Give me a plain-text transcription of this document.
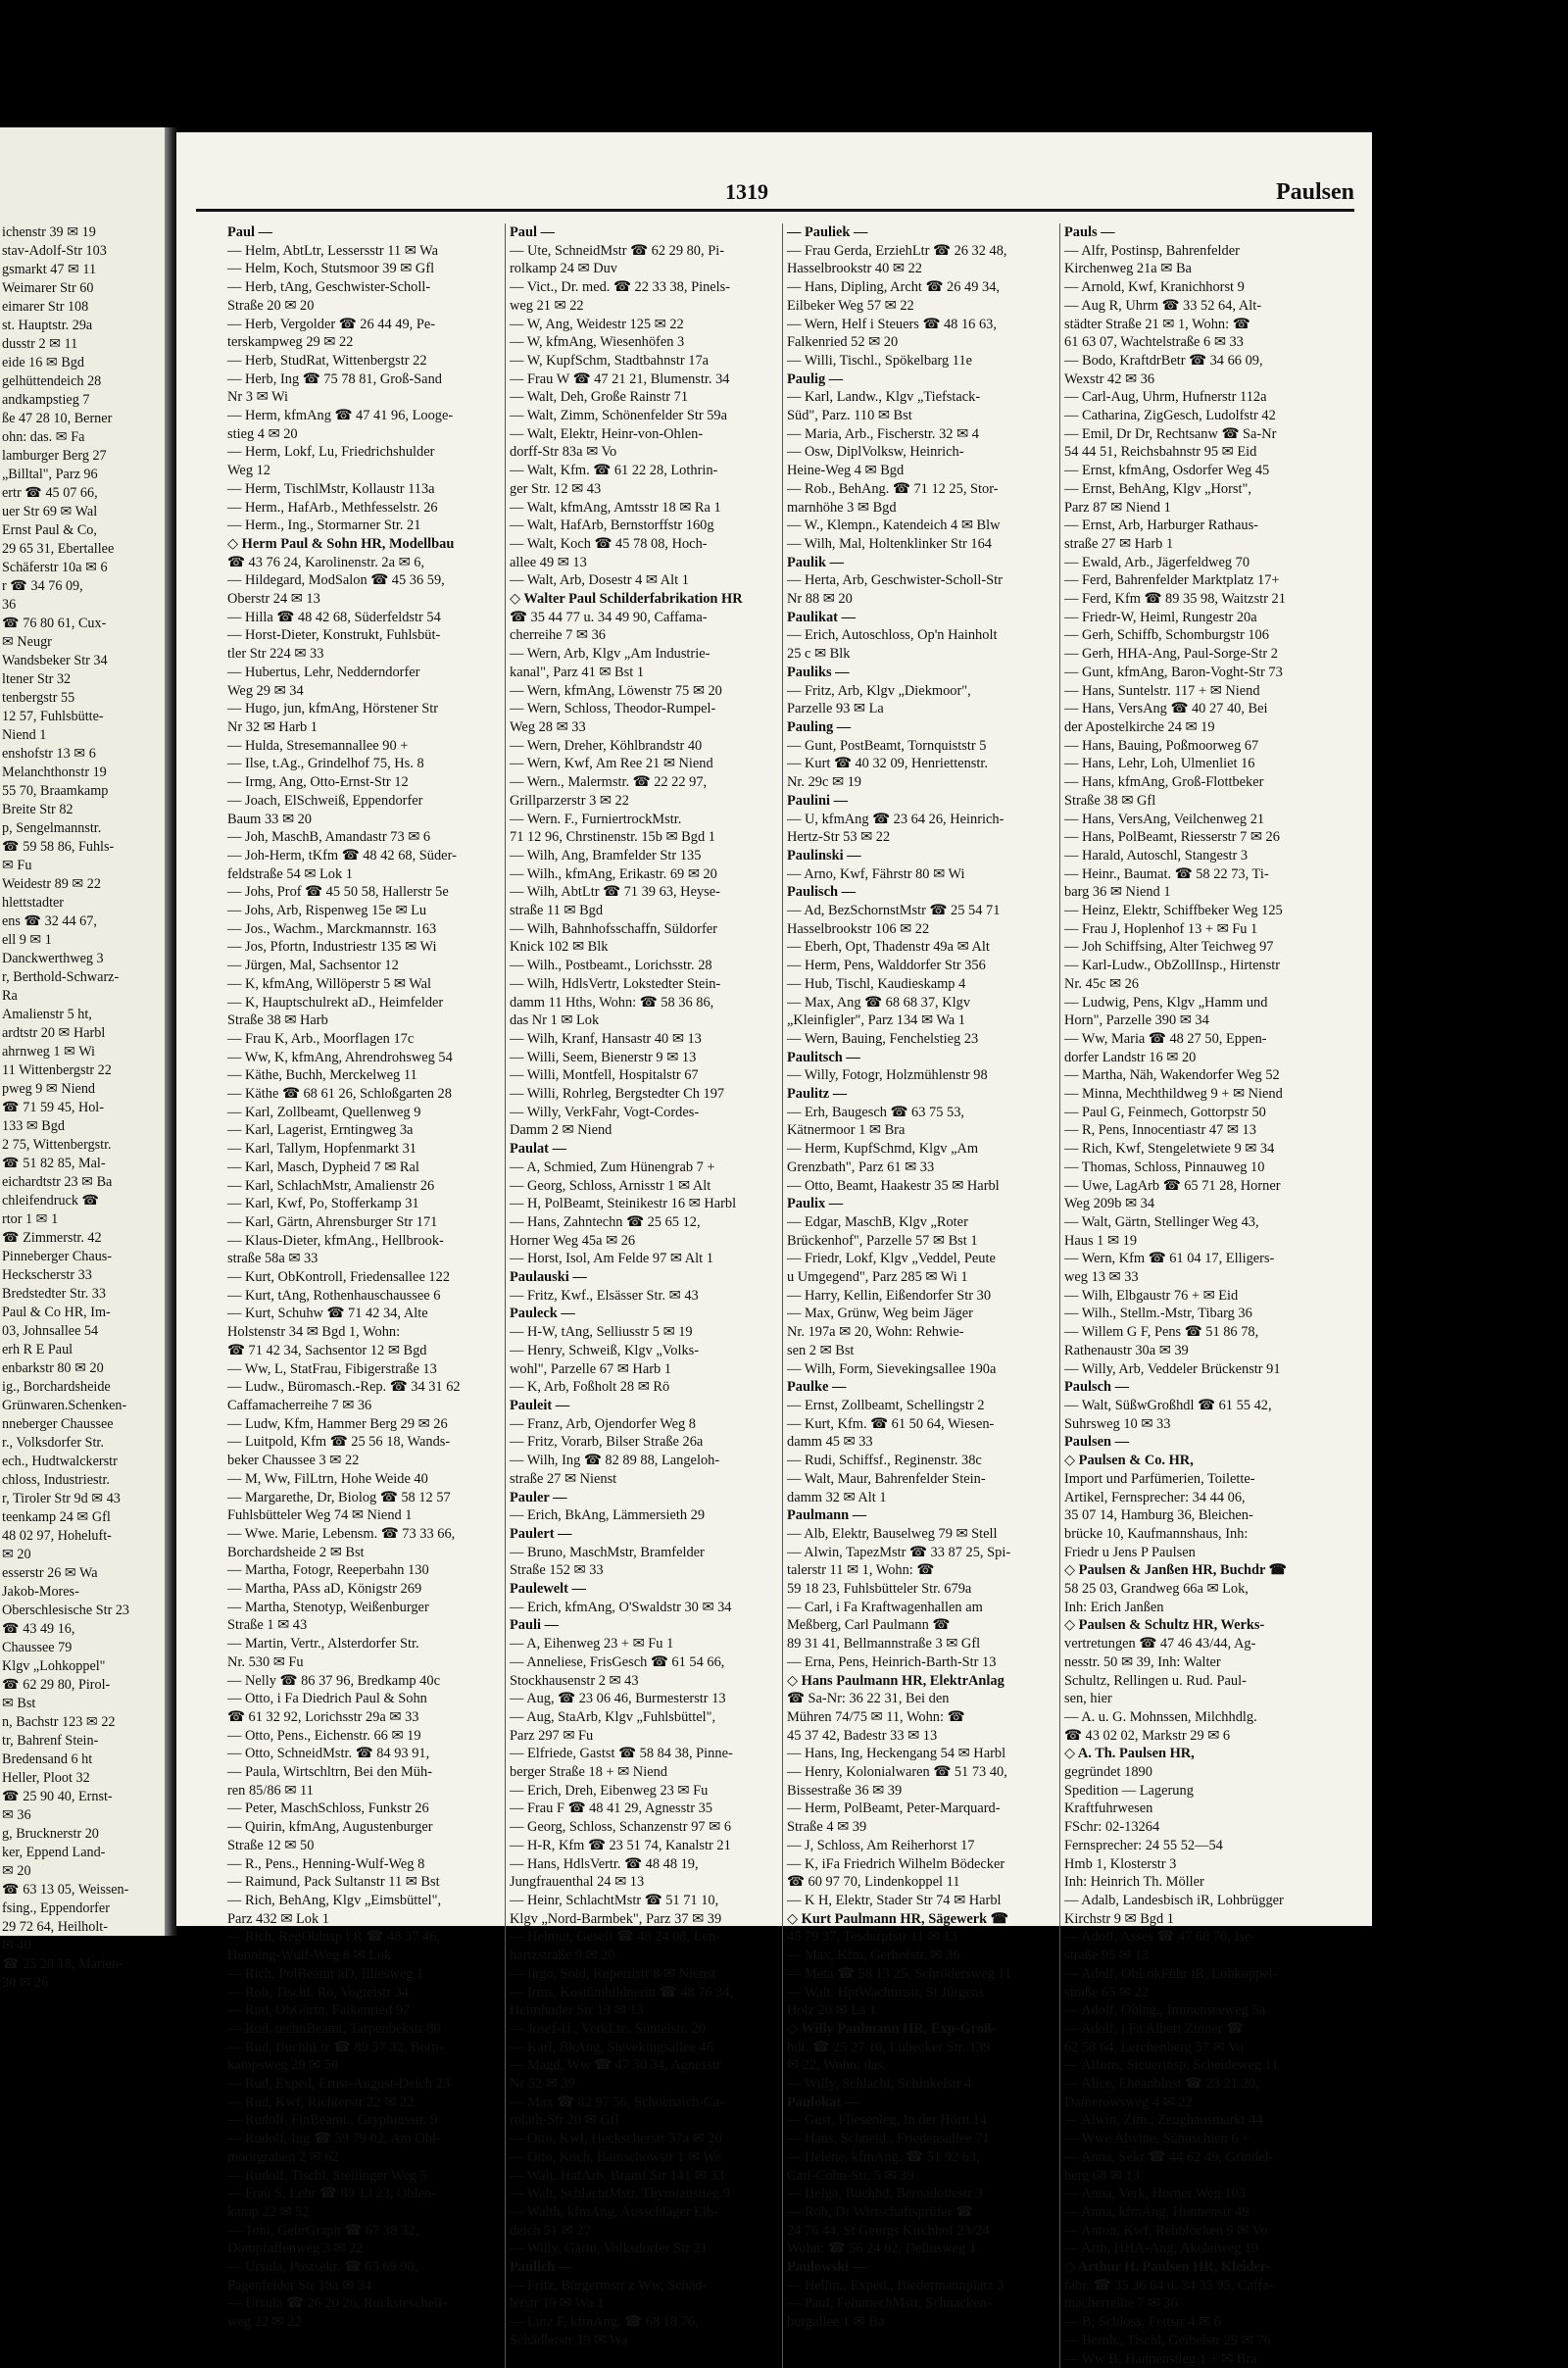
ichenstr 39 ✉ 19
stav-Adolf-Str 103
gsmarkt 47 ✉ 11
Weimarer Str 60
eimarer Str 108
st. Hauptstr. 29a
dusstr 2 ✉ 11
eide 16 ✉ Bgd
gelhüttendeich 28
andkampstieg 7
ße 47 28 10, Berner
ohn: das. ✉ Fa
lamburger Berg 27
„Billtal", Parz 96
ertr ☎ 45 07 66,
uer Str 69 ✉ Wal
Ernst Paul & Co,
29 65 31, Ebertallee
Schäferstr 10a ✉ 6
r ☎ 34 76 09,
36
☎ 76 80 61, Cux-
✉ Neugr
Wandsbeker Str 34
ltener Str 32
tenbergstr 55
12 57, Fuhlsbütte-
Niend 1
enshofstr 13 ✉ 6
Melanchthonstr 19
55 70, Braamkamp
Breite Str 82
p, Sengelmannstr.
☎ 59 58 86, Fuhls-
✉ Fu
Weidestr 89 ✉ 22
hlettstadter
ens ☎ 32 44 67,
ell 9 ✉ 1
Danckwerthweg 3
r, Berthold-Schwarz-
Ra
Amalienstr 5 ht,
ardtstr 20 ✉ Harbl
ahrnweg 1 ✉ Wi
11 Wittenbergstr 22
pweg 9 ✉ Niend
☎ 71 59 45, Hol-
133 ✉ Bgd
2 75, Wittenbergstr.
☎ 51 82 85, Mal-
eichardtstr 23 ✉ Ba
chleifendruck ☎
rtor 1 ✉ 1
☎ Zimmerstr. 42
Pinneberger Chaus-
Heckscherstr 33
Bredstedter Str. 33
Paul & Co HR, Im-
03, Johnsallee 54
erh R E Paul
enbarkstr 80 ✉ 20
ig., Borchardsheide
Grünwaren.Schenken-
nneberger Chaussee
r., Volksdorfer Str.
ech., Hudtwalckerstr
chloss, Industriestr.
r, Tiroler Str 9d ✉ 43
teenkamp 24 ✉ Gfl
48 02 97, Hoheluft-
✉ 20
esserstr 26 ✉ Wa
Jakob-Mores-
Oberschlesische Str 23
☎ 43 49 16,
Chaussee 79
Klgv „Lohkoppel"
☎ 62 29 80, Pirol-
✉ Bst
n, Bachstr 123 ✉ 22
tr, Bahrenf Stein-
Bredensand 6 ht
Heller, Ploot 32
☎ 25 90 40, Ernst-
✉ 36
g, Brucknerstr 20
ker, Eppend Land-
✉ 20
☎ 63 13 05, Weissen-
fsing., Eppendorfer
29 72 64, Heilholt-
✉ 40
☎ 25 28 18, Marien-
30 ✉ 26
1319	Paulsen
Paul —
— Helm, AbtLtr, Lessersstr 11 ✉ Wa
— Helm, Koch, Stutsmoor 39 ✉ Gfl
— Herb, tAng, Geschwister-Scholl-
Straße 20 ✉ 20
— Herb, Vergolder ☎ 26 44 49, Pe-
terskampweg 29 ✉ 22
— Herb, StudRat, Wittenbergstr 22
— Herb, Ing ☎ 75 78 81, Groß-Sand
Nr 3 ✉ Wi
— Herm, kfmAng ☎ 47 41 96, Looge-
stieg 4 ✉ 20
— Herm, Lokf, Lu, Friedrichshulder
Weg 12
— Herm, TischlMstr, Kollaustr 113a
— Herm., HafArb., Methfesselstr. 26
— Herm., Ing., Stormarner Str. 21
◇ Herm Paul & Sohn HR, Modellbau
☎ 43 76 24, Karolinenstr. 2a ✉ 6,
— Hildegard, ModSalon ☎ 45 36 59,
Oberstr 24 ✉ 13
— Hilla ☎ 48 42 68, Süderfeldstr 54
— Horst-Dieter, Konstrukt, Fuhlsbüt-
tler Str 224 ✉ 33
— Hubertus, Lehr, Nedderndorfer
Weg 29 ✉ 34
— Hugo, jun, kfmAng, Hörstener Str
Nr 32 ✉ Harb 1
— Hulda, Stresemannallee 90 +
— Ilse, t.Ag., Grindelhof 75, Hs. 8
— Irmg, Ang, Otto-Ernst-Str 12
— Joach, ElSchweiß, Eppendorfer
Baum 33 ✉ 20
— Joh, MaschB, Amandastr 73 ✉ 6
— Joh-Herm, tKfm ☎ 48 42 68, Süder-
feldstraße 54 ✉ Lok 1
— Johs, Prof ☎ 45 50 58, Hallerstr 5e
— Johs, Arb, Rispenweg 15e ✉ Lu
— Jos., Wachm., Marckmannstr. 163
— Jos, Pfortn, Industriestr 135 ✉ Wi
— Jürgen, Mal, Sachsentor 12
— K, kfmAng, Willöperstr 5 ✉ Wal
— K, Hauptschulrekt aD., Heimfelder
Straße 38 ✉ Harb
— Frau K, Arb., Moorflagen 17c
— Ww, K, kfmAng, Ahrendrohsweg 54
— Käthe, Buchh, Merckelweg 11
— Käthe ☎ 68 61 26, Schloßgarten 28
— Karl, Zollbeamt, Quellenweg 9
— Karl, Lagerist, Erntingweg 3a
— Karl, Tallym, Hopfenmarkt 31
— Karl, Masch, Dypheid 7 ✉ Ral
— Karl, SchlachMstr, Amalienstr 26
— Karl, Kwf, Po, Stofferkamp 31
— Karl, Gärtn, Ahrensburger Str 171
— Klaus-Dieter, kfmAng., Hellbrook-
straße 58a ✉ 33
— Kurt, ObKontroll, Friedensallee 122
— Kurt, tAng, Rothenhauschaussee 6
— Kurt, Schuhw ☎ 71 42 34, Alte
Holstenstr 34 ✉ Bgd 1, Wohn:
☎ 71 42 34, Sachsentor 12 ✉ Bgd
— Ww, L, StatFrau, Fibigerstraße 13
— Ludw., Büromasch.-Rep. ☎ 34 31 62
Caffamacherreihe 7 ✉ 36
— Ludw, Kfm, Hammer Berg 29 ✉ 26
— Luitpold, Kfm ☎ 25 56 18, Wands-
beker Chaussee 3 ✉ 22
— M, Ww, FilLtrn, Hohe Weide 40
— Margarethe, Dr, Biolog ☎ 58 12 57
Fuhlsbütteler Weg 74 ✉ Niend 1
— Wwe. Marie, Lebensm. ☎ 73 33 66,
Borchardsheide 2 ✉ Bst
— Martha, Fotogr, Reeperbahn 130
— Martha, PAss aD, Königstr 269
— Martha, Stenotyp, Weißenburger
Straße 1 ✉ 43
— Martin, Vertr., Alsterdorfer Str.
Nr. 530 ✉ Fu
— Nelly ☎ 86 37 96, Bredkamp 40c
— Otto, i Fa Diedrich Paul & Sohn
☎ 61 32 92, Lorichsstr 29a ✉ 33
— Otto, Pens., Eichenstr. 66 ✉ 19
— Otto, SchneidMstr. ☎ 84 93 91,
— Paula, Wirtschltrn, Bei den Müh-
ren 85/86 ✉ 11
— Peter, MaschSchloss, Funkstr 26
— Quirin, kfmAng, Augustenburger
Straße 12 ✉ 50
— R., Pens., Henning-Wulf-Weg 8
— Raimund, Pack Sultanstr 11 ✉ Bst
— Rich, BehAng, Klgv „Eimsbüttel",
Parz 432 ✉ Lok 1
— Rich, RegOblnsp i R ☎ 48 37 46,
Henning-Wulf-Weg 8 ✉ Lok
— Rich, PolBeamt aD, Illiesweg 1
— Rob, Tischl, Rö, Vogteistr 34
— Rud, ObGärtn, Falkenried 97
— Rud, technBeamt, Tarpenbekstr 80
— Rud, BuchhLtr ☎ 89 57 32, Born-
kampsweg 29 ✉ 50
— Rud, Exped, Ernst-August-Deich 23
— Rud, Kwf, Richterstr 22 ✉ 22
— Rudolf, FinBeamt., Gryphiusstr. 9
— Rudolf, Ing ☎ 59 79 02, Am Ohl-
moorgraben 2 ✉ 62
— Rudolf, Tischl, Stellinger Weg 5
— Frau S, Lehr ☎ 89 13 23, Ohlen-
kamp 22 ✉ 52
— Toni, GebrGraph ☎ 67 38 32,
Dompfaffenweg 3 ✉ 22
— Ursula, Postsekr. ☎ 65 69 90,
Pagenfelder Str 18a ✉ 34
— Ursula ☎ 26 20 26, Rucksteschell-
weg 22 ✉ 22
Paul —
— Ute, SchneidMstr ☎ 62 29 80, Pi-
rolkamp 24 ✉ Duv
— Vict., Dr. med. ☎ 22 33 38, Pinels-
weg 21 ✉ 22
— W, Ang, Weidestr 125 ✉ 22
— W, kfmAng, Wiesenhöfen 3
— W, KupfSchm, Stadtbahnstr 17a
— Frau W ☎ 47 21 21, Blumenstr. 34
— Walt, Deh, Große Rainstr 71
— Walt, Zimm, Schönenfelder Str 59a
— Walt, Elektr, Heinr-von-Ohlen-
dorff-Str 83a ✉ Vo
— Walt, Kfm. ☎ 61 22 28, Lothrin-
ger Str. 12 ✉ 43
— Walt, kfmAng, Amtsstr 18 ✉ Ra 1
— Walt, HafArb, Bernstorffstr 160g
— Walt, Koch ☎ 45 78 08, Hoch-
allee 49 ✉ 13
— Walt, Arb, Dosestr 4 ✉ Alt 1
◇ Walter Paul Schilderfabrikation HR
☎ 35 44 77 u. 34 49 90, Caffama-
cherreihe 7 ✉ 36
— Wern, Arb, Klgv „Am Industrie-
kanal", Parz 41 ✉ Bst 1
— Wern, kfmAng, Löwenstr 75 ✉ 20
— Wern, Schloss, Theodor-Rumpel-
Weg 28 ✉ 33
— Wern, Dreher, Köhlbrandstr 40
— Wern, Kwf, Am Ree 21 ✉ Niend
— Wern., Malermstr. ☎ 22 22 97,
Grillparzerstr 3 ✉ 22
— Wern. F., FurniertrockMstr.
71 12 96, Chrstinenstr. 15b ✉ Bgd 1
— Wilh, Ang, Bramfelder Str 135
— Wilh., kfmAng, Erikastr. 69 ✉ 20
— Wilh, AbtLtr ☎ 71 39 63, Heyse-
straße 11 ✉ Bgd
— Wilh, Bahnhofsschaffn, Süldorfer
Knick 102 ✉ Blk
— Wilh., Postbeamt., Lorichsstr. 28
— Wilh, HdlsVertr, Lokstedter Stein-
damm 11 Hths, Wohn: ☎ 58 36 86,
das Nr 1 ✉ Lok
— Wilh, Kranf, Hansastr 40 ✉ 13
— Willi, Seem, Bienerstr 9 ✉ 13
— Willi, Montfell, Hospitalstr 67
— Willi, Rohrleg, Bergstedter Ch 197
— Willy, VerkFahr, Vogt-Cordes-
Damm 2 ✉ Niend
Paulat —
— A, Schmied, Zum Hünengrab 7 +
— Georg, Schloss, Arnisstr 1 ✉ Alt
— H, PolBeamt, Steinikestr 16 ✉ Harbl
— Hans, Zahntechn ☎ 25 65 12,
Horner Weg 45a ✉ 26
— Horst, Isol, Am Felde 97 ✉ Alt 1
Paulauski —
— Fritz, Kwf., Elsässer Str. ✉ 43
Pauleck —
— H-W, tAng, Selliusstr 5 ✉ 19
— Henry, Schweiß, Klgv „Volks-
wohl", Parzelle 67 ✉ Harb 1
— K, Arb, Foßholt 28 ✉ Rö
Pauleit —
— Franz, Arb, Ojendorfer Weg 8
— Fritz, Vorarb, Bilser Straße 26a
— Wilh, Ing ☎ 82 89 88, Langeloh-
straße 27 ✉ Nienst
Pauler —
— Erich, BkAng, Lämmersieth 29
Paulert —
— Bruno, MaschMstr, Bramfelder
Straße 152 ✉ 33
Paulewelt —
— Erich, kfmAng, O'Swaldstr 30 ✉ 34
Pauli —
— A, Eihenweg 23 + ✉ Fu 1
— Anneliese, FrisGesch ☎ 61 54 66,
Stockhausenstr 2 ✉ 43
— Aug, ☎ 23 06 46, Burmesterstr 13
— Aug, StaArb, Klgv „Fuhlsbüttel",
Parz 297 ✉ Fu
— Elfriede, Gastst ☎ 58 84 38, Pinne-
berger Straße 18 + ✉ Niend
— Erich, Dreh, Eibenweg 23 ✉ Fu
— Frau F ☎ 48 41 29, Agnesstr 35
— Georg, Schloss, Schanzenstr 97 ✉ 6
— H-R, Kfm ☎ 23 51 74, Kanalstr 21
— Hans, HdlsVertr. ☎ 48 48 19,
Jungfrauenthal 24 ✉ 13
— Heinr, SchlachtMstr ☎ 51 71 10,
Klgv „Nord-Barmbek", Parz 37 ✉ 39
— Helmut, Gesell ☎ 48 24 08, Len-
hartzstraße 9 ✉ 20
— Ingo, Sold, Rupertistr 8 ✉ Nienst
— Irms, Kostümbildnerin ☎ 48 76 34,
Heimhuder Str 19 ✉ 13
— Josef-H., VerkLtr., Süntelstr. 20
— Karl, BkAng, Sievekingsallee 46
— Magd, Ww ☎ 47 30 34, Agnesstr
Nr 52 ✉ 39
— Max ☎ 82 97 56, Schoenaich-Ca-
rolath-Str 20 ✉ Gfl
— Otto, Kwf, Heckscherstr 37a ✉ 20
— Otto, Koch, Bantschowstr 1 ✉ We
— Walt, HafArb, Bramf Str 141 ✉ 33
— Walt, SchlachtMstr, Thymianstieg 9
— Walth, kfmAng, Ausschläger Elb-
deich 51 ✉ 27
— Willy, Gärtn, Volksdorfer Str 21
Paullch —
— Fritz, Bürgermstr z Ww, Schäd-
lerstr 19 ✉ Wa 1
— Lutz F, kfmAng, ☎ 68 18 76,
Schädlerstr 19 ✉ Wa
— Pauliek —
— Frau Gerda, ErziehLtr ☎ 26 32 48,
Hasselbrookstr 40 ✉ 22
— Hans, Dipling, Archt ☎ 26 49 34,
Eilbeker Weg 57 ✉ 22
— Wern, Helf i Steuers ☎ 48 16 63,
Falkenried 52 ✉ 20
— Willi, Tischl., Spökelbarg 11e
Paulig —
— Karl, Landw., Klgv „Tiefstack-
Süd", Parz. 110 ✉ Bst
— Maria, Arb., Fischerstr. 32 ✉ 4
— Osw, DiplVolksw, Heinrich-
Heine-Weg 4 ✉ Bgd
— Rob., BehAng. ☎ 71 12 25, Stor-
marnhöhe 3 ✉ Bgd
— W., Klempn., Katendeich 4 ✉ Blw
— Wilh, Mal, Holtenklinker Str 164
Paulik —
— Herta, Arb, Geschwister-Scholl-Str
Nr 88 ✉ 20
Paulikat —
— Erich, Autoschloss, Op'n Hainholt
25 c ✉ Blk
Pauliks —
— Fritz, Arb, Klgv „Diekmoor",
Parzelle 93 ✉ La
Pauling —
— Gunt, PostBeamt, Tornquiststr 5
— Kurt ☎ 40 32 09, Henriettenstr.
Nr. 29c ✉ 19
Paulini —
— U, kfmAng ☎ 23 64 26, Heinrich-
Hertz-Str 53 ✉ 22
Paulinski —
— Arno, Kwf, Fährstr 80 ✉ Wi
Paulisch —
— Ad, BezSchornstMstr ☎ 25 54 71
Hasselbrookstr 106 ✉ 22
— Eberh, Opt, Thadenstr 49a ✉ Alt
— Herm, Pens, Walddorfer Str 356
— Hub, Tischl, Kaudieskamp 4
— Max, Ang ☎ 68 68 37, Klgv
„Kleinfigler", Parz 134 ✉ Wa 1
— Wern, Bauing, Fenchelstieg 23
Paulitsch —
— Willy, Fotogr, Holzmühlenstr 98
Paulitz —
— Erh, Baugesch ☎ 63 75 53,
Kätnermoor 1 ✉ Bra
— Herm, KupfSchmd, Klgv „Am
Grenzbath", Parz 61 ✉ 33
— Otto, Beamt, Haakestr 35 ✉ Harbl
Paulix —
— Edgar, MaschB, Klgv „Roter
Brückenhof", Parzelle 57 ✉ Bst 1
— Friedr, Lokf, Klgv „Veddel, Peute
u Umgegend", Parz 285 ✉ Wi 1
— Harry, Kellin, Eißendorfer Str 30
— Max, Grünw, Weg beim Jäger
Nr. 197a ✉ 20, Wohn: Rehwie-
sen 2 ✉ Bst
— Wilh, Form, Sievekingsallee 190a
Paulke —
— Ernst, Zollbeamt, Schellingstr 2
— Kurt, Kfm. ☎ 61 50 64, Wiesen-
damm 45 ✉ 33
— Rudi, Schiffsf., Reginenstr. 38c
— Walt, Maur, Bahrenfelder Stein-
damm 32 ✉ Alt 1
Paulmann —
— Alb, Elektr, Bauselweg 79 ✉ Stell
— Alwin, TapezMstr ☎ 33 87 25, Spi-
talerstr 11 ✉ 1, Wohn: ☎
59 18 23, Fuhlsbütteler Str. 679a
— Carl, i Fa Kraftwagenhallen am
Meßberg, Carl Paulmann ☎
89 31 41, Bellmannstraße 3 ✉ Gfl
— Erna, Pens, Heinrich-Barth-Str 13
◇ Hans Paulmann HR, ElektrAnlag
☎ Sa-Nr: 36 22 31, Bei den
Mühren 74/75 ✉ 11, Wohn: ☎
45 37 42, Badestr 33 ✉ 13
— Hans, Ing, Heckengang 54 ✉ Harbl
— Henry, Kolonialwaren ☎ 51 73 40,
Bissestraße 36 ✉ 39
— Herm, PolBeamt, Peter-Marquard-
Straße 4 ✉ 39
— J, Schloss, Am Reiherhorst 17
— K, iFa Friedrich Wilhelm Bödecker
☎ 60 97 70, Lindenkoppel 11
— K H, Elektr, Stader Str 74 ✉ Harbl
◇ Kurt Paulmann HR, Sägewerk ☎
45 79 37, Tesdorpfstr 11 ✉ 13
— Max, Kfm, Gerhofstr. ✉ 36
— Meta ☎ 58 13 25, Schrödersweg 11
— Walt, HptWachtmstr, St Jürgens
Holz 20 ✉ La 1
◇ Willy Paulmann HR, Exp-Groß-
hdl. ☎ 25 27 10, Lübecker Str. 139
✉ 22, Wohn: das.
— Willy, Schlacht, Schinkelstr 4
Paulokat —
— Gust, Fliesenleg, In der Hörn 14
— Hans, Schneid., Friedensallee 71
— Helene, kfmAng. ☎ 51 92 63,
Carl-Cohn-Str. 5 ✉ 39
— Helga, Buchhd, Bernadottestr 3
— Rob, Dr Wirtschaftsprüfer ☎
24 76 44, St Georgs Kirchhof 23/24
Wohn: ☎ 56 24 02, Deliusweg 1
Paulowski —
— Hellm., Exped., Biedermannplatz 3
— Paul, FeinmechMstr, Schnacken-
burgallee 1 ✉ Ba
Pauls —
— Alfr, Postinsp, Bahrenfelder
Kirchenweg 21a ✉ Ba
— Arnold, Kwf, Kranichhorst 9
— Aug R, Uhrm ☎ 33 52 64, Alt-
städter Straße 21 ✉ 1, Wohn: ☎
61 63 07, Wachtelstraße 6 ✉ 33
— Bodo, KraftdrBetr ☎ 34 66 09,
Wexstr 42 ✉ 36
— Carl-Aug, Uhrm, Hufnerstr 112a
— Catharina, ZigGesch, Ludolfstr 42
— Emil, Dr Dr, Rechtsanw ☎ Sa-Nr
54 44 51, Reichsbahnstr 95 ✉ Eid
— Ernst, kfmAng, Osdorfer Weg 45
— Ernst, BehAng, Klgv „Horst",
Parz 87 ✉ Niend 1
— Ernst, Arb, Harburger Rathaus-
straße 27 ✉ Harb 1
— Ewald, Arb., Jägerfeldweg 70
— Ferd, Bahrenfelder Marktplatz 17+
— Ferd, Kfm ☎ 89 35 98, Waitzstr 21
— Friedr-W, Heiml, Rungestr 20a
— Gerh, Schiffb, Schomburgstr 106
— Gerh, HHA-Ang, Paul-Sorge-Str 2
— Gunt, kfmAng, Baron-Voght-Str 73
— Hans, Suntelstr. 117 + ✉ Niend
— Hans, VersAng ☎ 40 27 40, Bei
der Apostelkirche 24 ✉ 19
— Hans, Bauing, Poßmoorweg 67
— Hans, Lehr, Loh, Ulmenliet 16
— Hans, kfmAng, Groß-Flottbeker
Straße 38 ✉ Gfl
— Hans, VersAng, Veilchenweg 21
— Hans, PolBeamt, Riesserstr 7 ✉ 26
— Harald, Autoschl, Stangestr 3
— Heinr., Baumat. ☎ 58 22 73, Ti-
barg 36 ✉ Niend 1
— Heinz, Elektr, Schiffbeker Weg 125
— Frau J, Hoplenhof 13 + ✉ Fu 1
— Joh Schiffsing, Alter Teichweg 97
— Karl-Ludw., ObZollInsp., Hirtenstr
Nr. 45c ✉ 26
— Ludwig, Pens, Klgv „Hamm und
Horn", Parzelle 390 ✉ 34
— Ww, Maria ☎ 48 27 50, Eppen-
dorfer Landstr 16 ✉ 20
— Martha, Näh, Wakendorfer Weg 52
— Minna, Mechthildweg 9 + ✉ Niend
— Paul G, Feinmech, Gottorpstr 50
— R, Pens, Innocentiastr 47 ✉ 13
— Rich, Kwf, Stengeletwiete 9 ✉ 34
— Thomas, Schloss, Pinnauweg 10
— Uwe, LagArb ☎ 65 71 28, Horner
Weg 209b ✉ 34
— Walt, Gärtn, Stellinger Weg 43,
Haus 1 ✉ 19
— Wern, Kfm ☎ 61 04 17, Elligers-
weg 13 ✉ 33
— Wilh, Elbgaustr 76 + ✉ Eid
— Wilh., Stellm.-Mstr, Tibarg 36
— Willem G F, Pens ☎ 51 86 78,
Rathenaustr 30a ✉ 39
— Willy, Arb, Veddeler Brückenstr 91
Paulsch —
— Walt, SüßwGroßhdl ☎ 61 55 42,
Suhrsweg 10 ✉ 33
Paulsen —
◇ Paulsen & Co. HR,
Import und Parfümerien, Toilette-
Artikel, Fernsprecher: 34 44 06,
35 07 14, Hamburg 36, Bleichen-
brücke 10, Kaufmannshaus, Inh:
Friedr u Jens P Paulsen
◇ Paulsen & Janßen HR, Buchdr ☎
58 25 03, Grandweg 66a ✉ Lok,
Inh: Erich Janßen
◇ Paulsen & Schultz HR, Werks-
vertretungen ☎ 47 46 43/44, Ag-
nesstr. 50 ✉ 39, Inh: Walter
Schultz, Rellingen u. Rud. Paul-
sen, hier
— A. u. G. Mohnssen, Milchhdlg.
☎ 43 02 02, Markstr 29 ✉ 6
◇ A. Th. Paulsen HR,
gegründet 1890
Spedition — Lagerung
Kraftfuhrwesen
FSchr: 02-13264
Fernsprecher: 24 55 52—54
Hmb 1, Klosterstr 3
Inh: Heinrich Th. Möller
— Adalb, Landesbisch iR, Lohbrügger
Kirchstr 9 ✉ Bgd 1
— Adolf, Asses ☎ 47 68 70, Ise-
straße 95 ✉ 13
— Adolf, ObLokFühr iR, Lohkoppel-
straße 65 ✉ 22
— Adolf, Oblng., Immenseeweg 5a
— Adolf, i Fa Albert Zinner ☎
62 58 64, Lerchenberg 57 ✉ Vo
— Alfons, Steuerinsp, Scheideweg 11
— Alice, Eheanblnst ☎ 23 21 20,
Damerowsweg 4 ✉ 22
— Alwin, Zim., Zeughausmarkt 44
— Wwe Alwine, Sünnschien 6 +
— Anna, Sekr ☎ 44 62 49, Grindel-
berg 68 ✉ 13
— Anna, Verk, Horner Weg 103
— Anna, kfmAng, Hunnenstr 49
— Anton, Kwf, Rehblöcken 9 ✉ Vo
— Arth, HHA-Ang, Akeleiweg 19
◇ Arthur H. Paulsen HR, Kleider-
fabr. ☎ 35 36 64 u. 34 35 95, Caffa-
macherreihe 7 ✉ 36
— B, Schloss, Fettstr 4 ✉ 6
— Bernh., Tischl, Geibelstr 29 ✉ 76
— Ww B, Hannenstieg 1 + ✉ Bra
